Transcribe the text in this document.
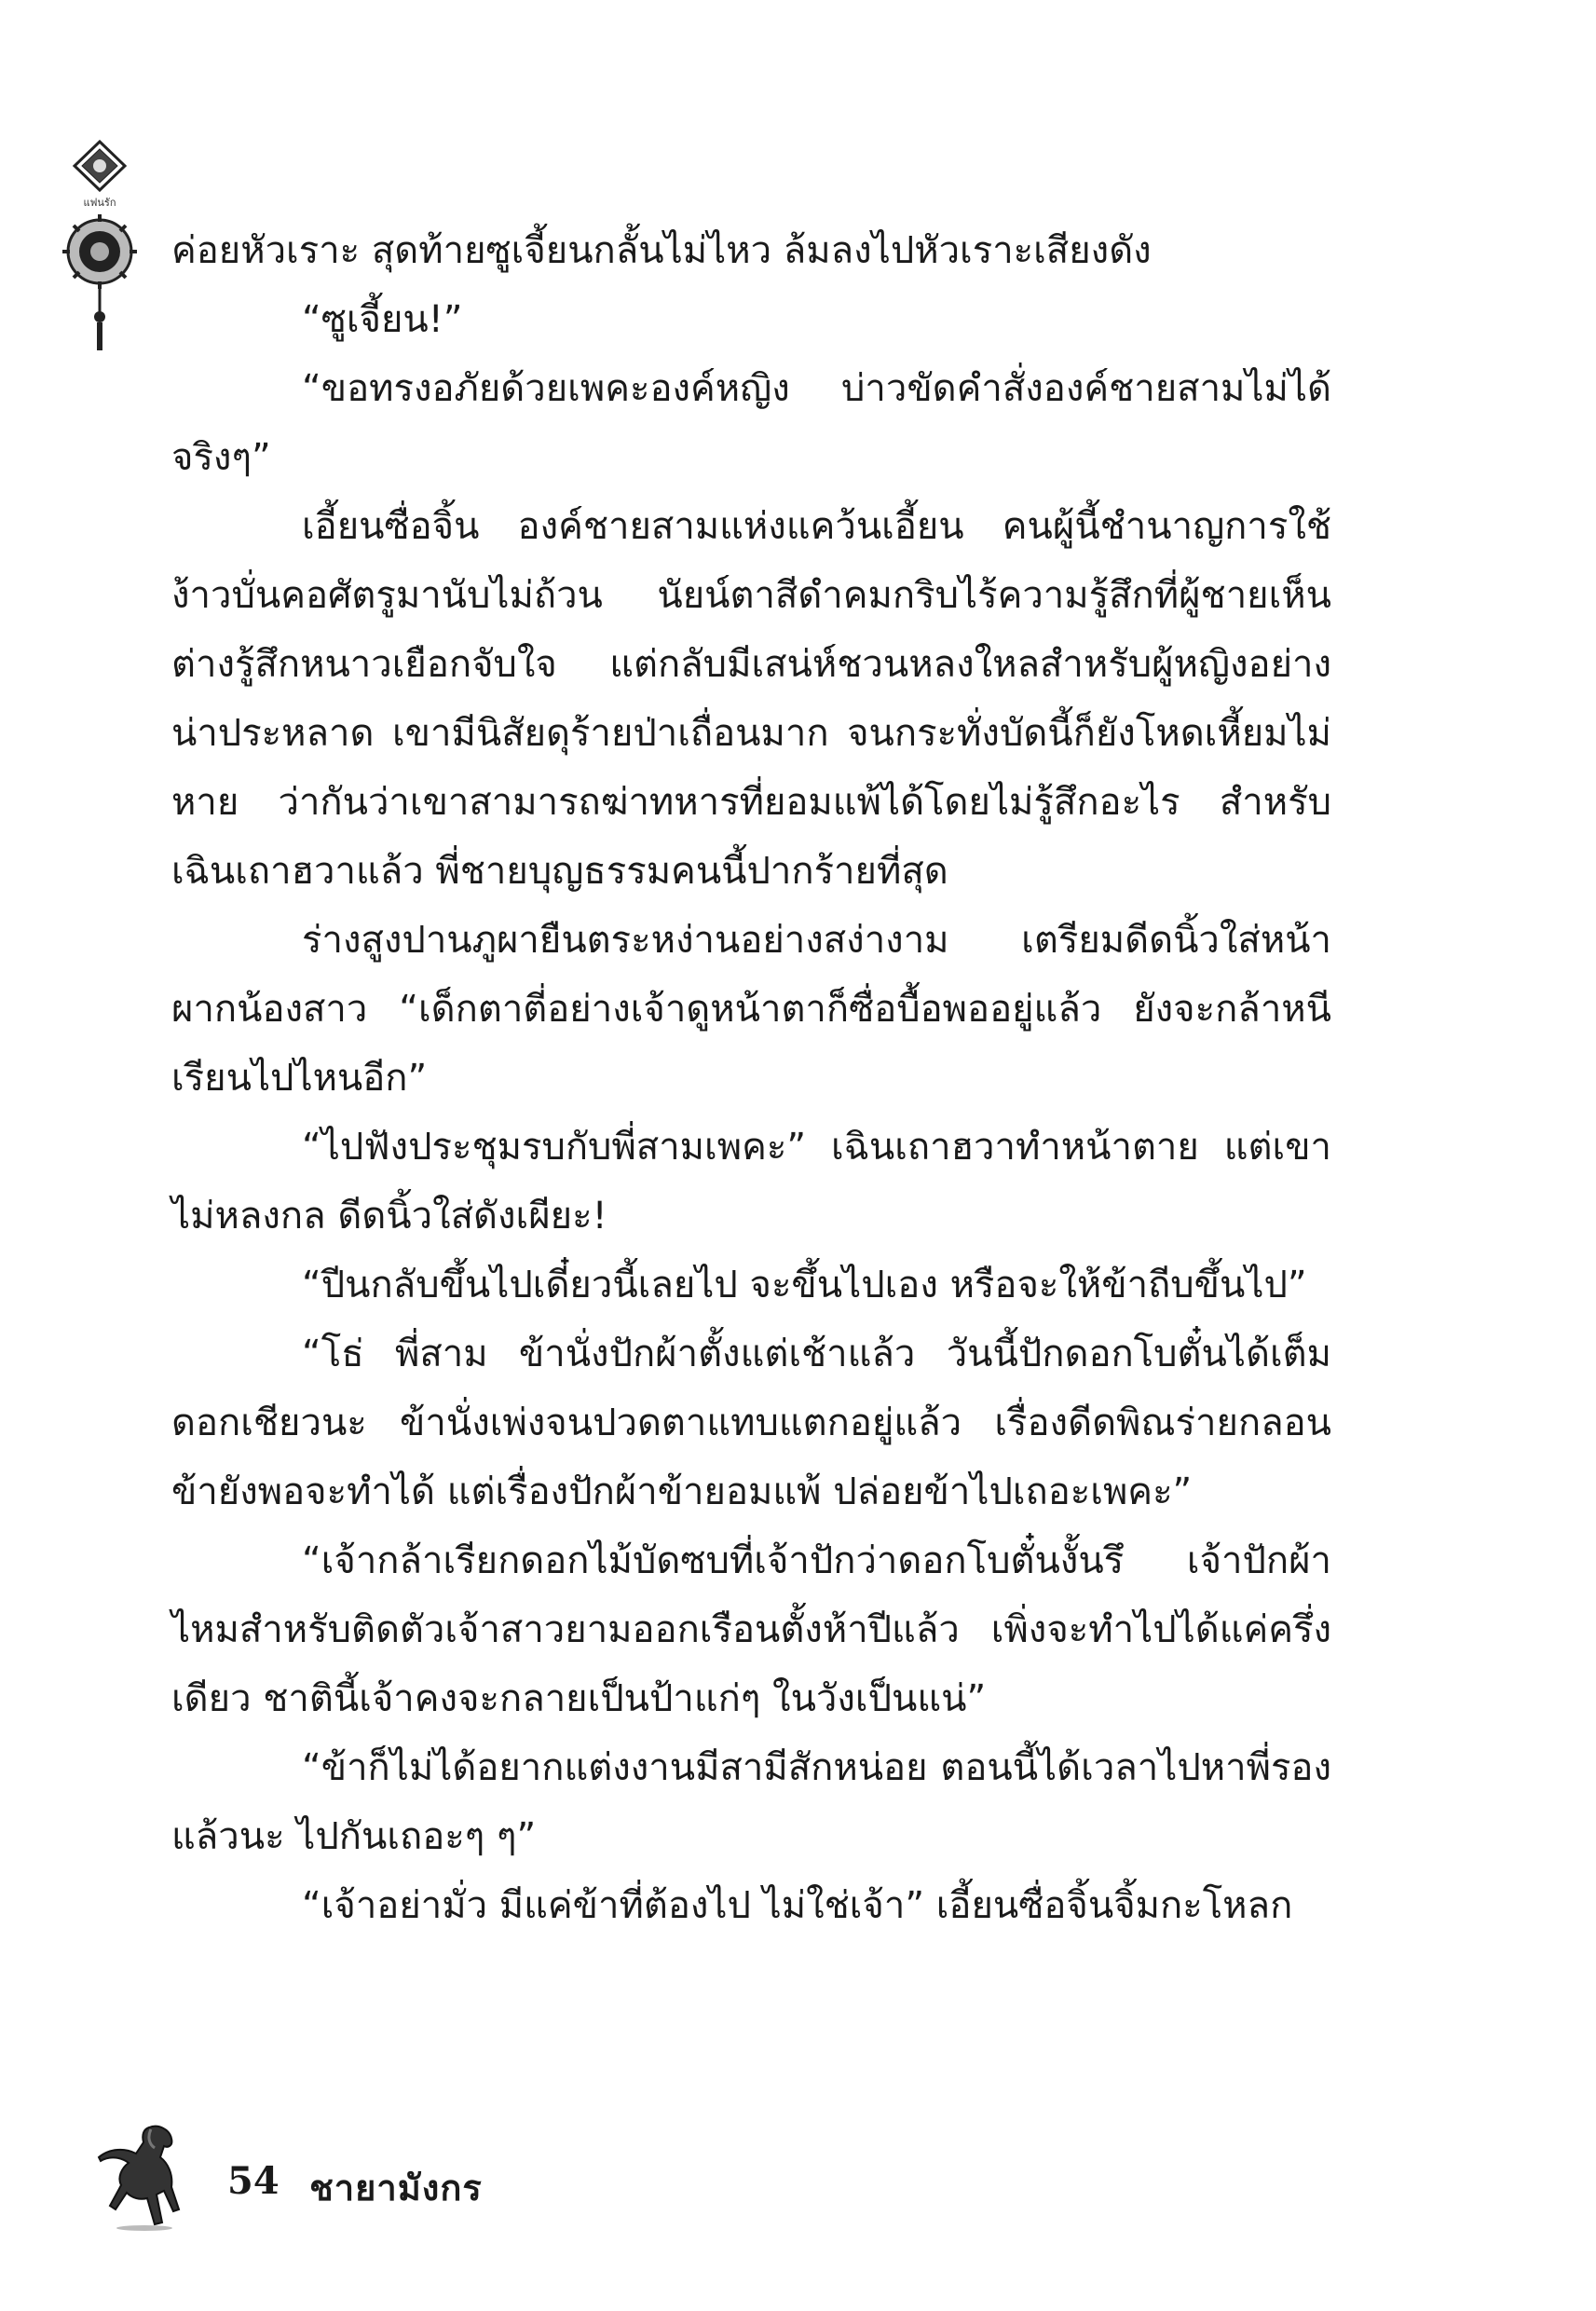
แฟนรัก

ค่อยหัวเราะ สุดท้ายซูเจี้ยนกลั้นไม่ไหว ล้มลงไปหัวเราะเสียงดัง

“ซูเจี้ยน!”

“ขอทรงอภัยด้วยเพคะองค์หญิง บ่าวขัดคำสั่งองค์ชายสามไม่ได้จริงๆ”

เอี้ยนซื่อจิ้น องค์ชายสามแห่งแคว้นเอี้ยน คนผู้นี้ชำนาญการใช้ง้าวบั่นคอศัตรูมานับไม่ถ้วน นัยน์ตาสีดำคมกริบไร้ความรู้สึกที่ผู้ชายเห็นต่างรู้สึกหนาวเยือกจับใจ แต่กลับมีเสน่ห์ชวนหลงใหลสำหรับผู้หญิงอย่างน่าประหลาด เขามีนิสัยดุร้ายป่าเถื่อนมาก จนกระทั่งบัดนี้ก็ยังโหดเหี้ยมไม่หาย ว่ากันว่าเขาสามารถฆ่าทหารที่ยอมแพ้ได้โดยไม่รู้สึกอะไร สำหรับเฉินเถาฮวาแล้ว พี่ชายบุญธรรมคนนี้ปากร้ายที่สุด

ร่างสูงปานภูผายืนตระหง่านอย่างสง่างาม เตรียมดีดนิ้วใส่หน้าผากน้องสาว “เด็กตาตี่อย่างเจ้าดูหน้าตาก็ซื่อบื้อพออยู่แล้ว ยังจะกล้าหนีเรียนไปไหนอีก”

“ไปฟังประชุมรบกับพี่สามเพคะ” เฉินเถาฮวาทำหน้าตาย แต่เขาไม่หลงกล ดีดนิ้วใส่ดังเผียะ!

“ปีนกลับขึ้นไปเดี๋ยวนี้เลยไป จะขึ้นไปเอง หรือจะให้ข้าถีบขึ้นไป”

“โธ่ พี่สาม ข้านั่งปักผ้าตั้งแต่เช้าแล้ว วันนี้ปักดอกโบตั๋นได้เต็มดอกเชียวนะ ข้านั่งเพ่งจนปวดตาแทบแตกอยู่แล้ว เรื่องดีดพิณร่ายกลอนข้ายังพอจะทำได้ แต่เรื่องปักผ้าข้ายอมแพ้ ปล่อยข้าไปเถอะเพคะ”

“เจ้ากล้าเรียกดอกไม้บัดซบที่เจ้าปักว่าดอกโบตั๋นงั้นรึ เจ้าปักผ้าไหมสำหรับติดตัวเจ้าสาวยามออกเรือนตั้งห้าปีแล้ว เพิ่งจะทำไปได้แค่ครึ่งเดียว ชาตินี้เจ้าคงจะกลายเป็นป้าแก่ๆ ในวังเป็นแน่”

“ข้าก็ไม่ได้อยากแต่งงานมีสามีสักหน่อย ตอนนี้ได้เวลาไปหาพี่รองแล้วนะ ไปกันเถอะๆ ๆ”

“เจ้าอย่ามั่ว มีแค่ข้าที่ต้องไป ไม่ใช่เจ้า” เอี้ยนซื่อจิ้นจิ้มกะโหลก

54 ชายามังกร
